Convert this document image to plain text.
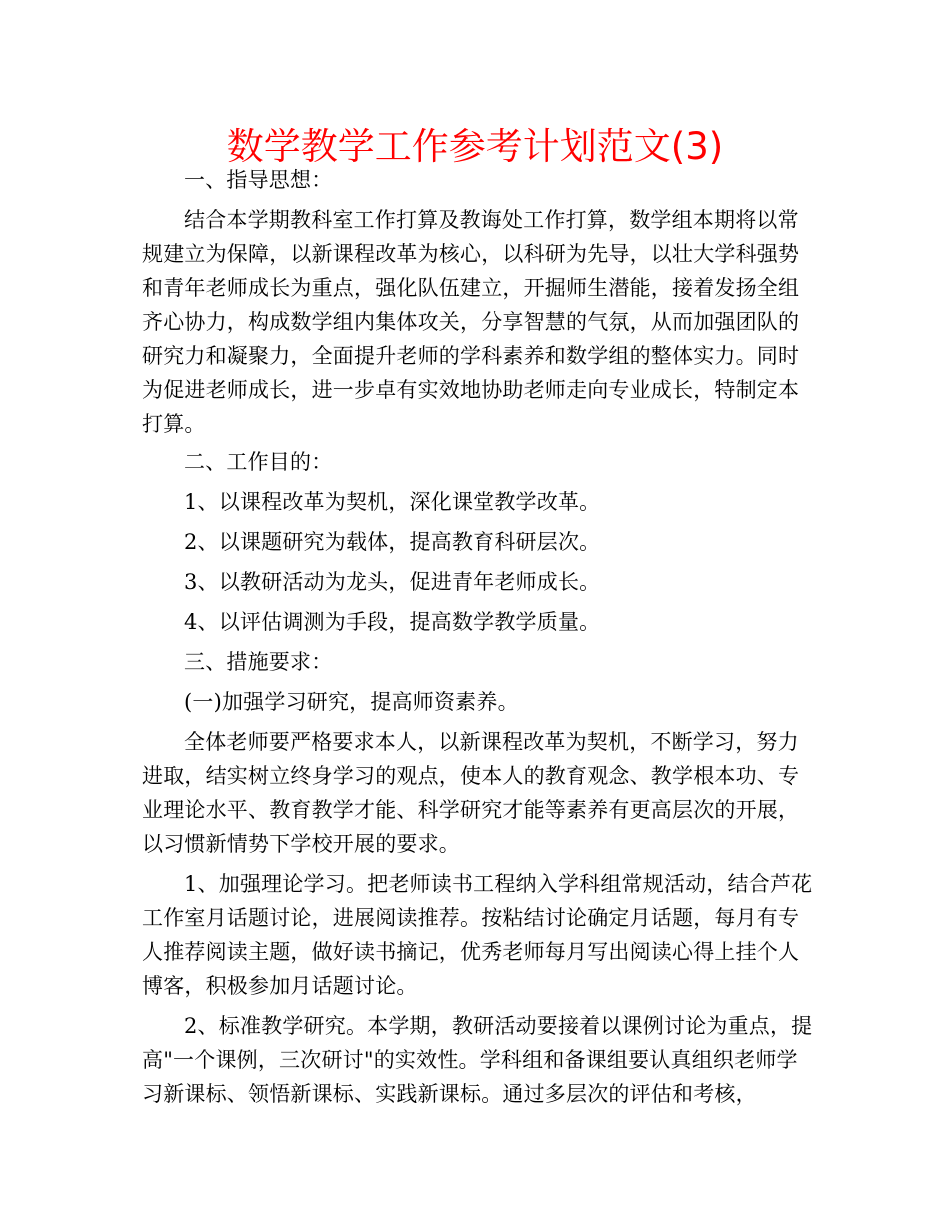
数学教学工作参考计划范文(3)

一、指导思想：

结合本学期教科室工作打算及教诲处工作打算，数学组本期将以常规建立为保障，以新课程改革为核心，以科研为先导，以壮大学科强势和青年老师成长为重点，强化队伍建立，开掘师生潜能，接着发扬全组齐心协力，构成数学组内集体攻关，分享智慧的气氛，从而加强团队的研究力和凝聚力，全面提升老师的学科素养和数学组的整体实力。同时为促进老师成长，进一步卓有实效地协助老师走向专业成长，特制定本打算。

二、工作目的：

1、以课程改革为契机，深化课堂教学改革。

2、以课题研究为载体，提高教育科研层次。

3、以教研活动为龙头，促进青年老师成长。

4、以评估调测为手段，提高数学教学质量。

三、措施要求：

(一)加强学习研究，提高师资素养。

全体老师要严格要求本人，以新课程改革为契机，不断学习，努力进取，结实树立终身学习的观点，使本人的教育观念、教学根本功、专业理论水平、教育教学才能、科学研究才能等素养有更高层次的开展，以习惯新情势下学校开展的要求。

1、加强理论学习。把老师读书工程纳入学科组常规活动，结合芦花工作室月话题讨论，进展阅读推荐。按粘结讨论确定月话题，每月有专人推荐阅读主题，做好读书摘记，优秀老师每月写出阅读心得上挂个人博客，积极参加月话题讨论。

2、标准教学研究。本学期，教研活动要接着以课例讨论为重点，提高"一个课例，三次研讨"的实效性。学科组和备课组要认真组织老师学习新课标、领悟新课标、实践新课标。通过多层次的评估和考核，
